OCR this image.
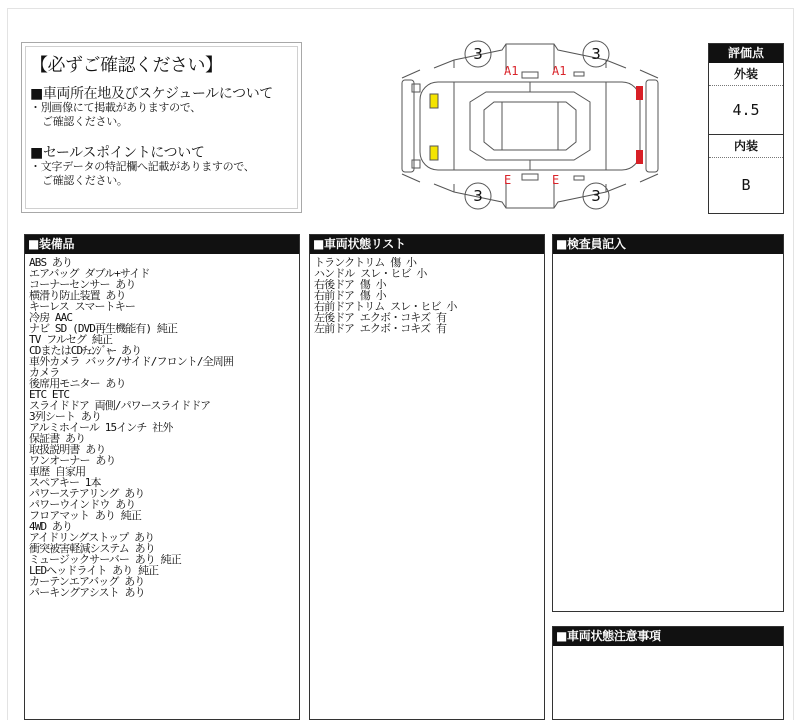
【必ずご確認ください】
■車両所在地及びスケジュールについて
・別画像にて掲載がありますので、
ご確認ください。
■セールスポイントについて
・文字データの特記欄へ記載がありますので、
ご確認ください。
3	3
3	3
A1	A1
E	E
評価点
外装
4.5
内装
B
■装備品
ABS あり
エアバッグ ダブル+サイド
コーナーセンサー あり
横滑り防止装置 あり
キーレス スマートキー
冷房 AAC
ナビ SD (DVD再生機能有) 純正
TV フルセグ 純正
CDまたはCDﾁｪﾝｼﾞｬｰ あり
車外カメラ バック/サイド/フロント/全周囲
カメラ
後席用モニター あり
ETC ETC
スライドドア 両側/パワースライドドア
3列シート あり
アルミホイール 15インチ 社外
保証書 あり
取扱説明書 あり
ワンオーナー あり
車歴 自家用
スペアキー 1本
パワーステアリング あり
パワーウインドウ あり
フロアマット あり 純正
4WD あり
アイドリングストップ あり
衝突被害軽減システム あり
ミュージックサーバー あり 純正
LEDヘッドライト あり 純正
カーテンエアバッグ あり
パーキングアシスト あり
■車両状態リスト
トランクトリム 傷 小
ハンドル スレ・ヒビ 小
右後ドア 傷 小
右前ドア 傷 小
右前ドアトリム スレ・ヒビ 小
左後ドア エクボ・コキズ 有
左前ドア エクボ・コキズ 有
■検査員記入
■車両状態注意事項
